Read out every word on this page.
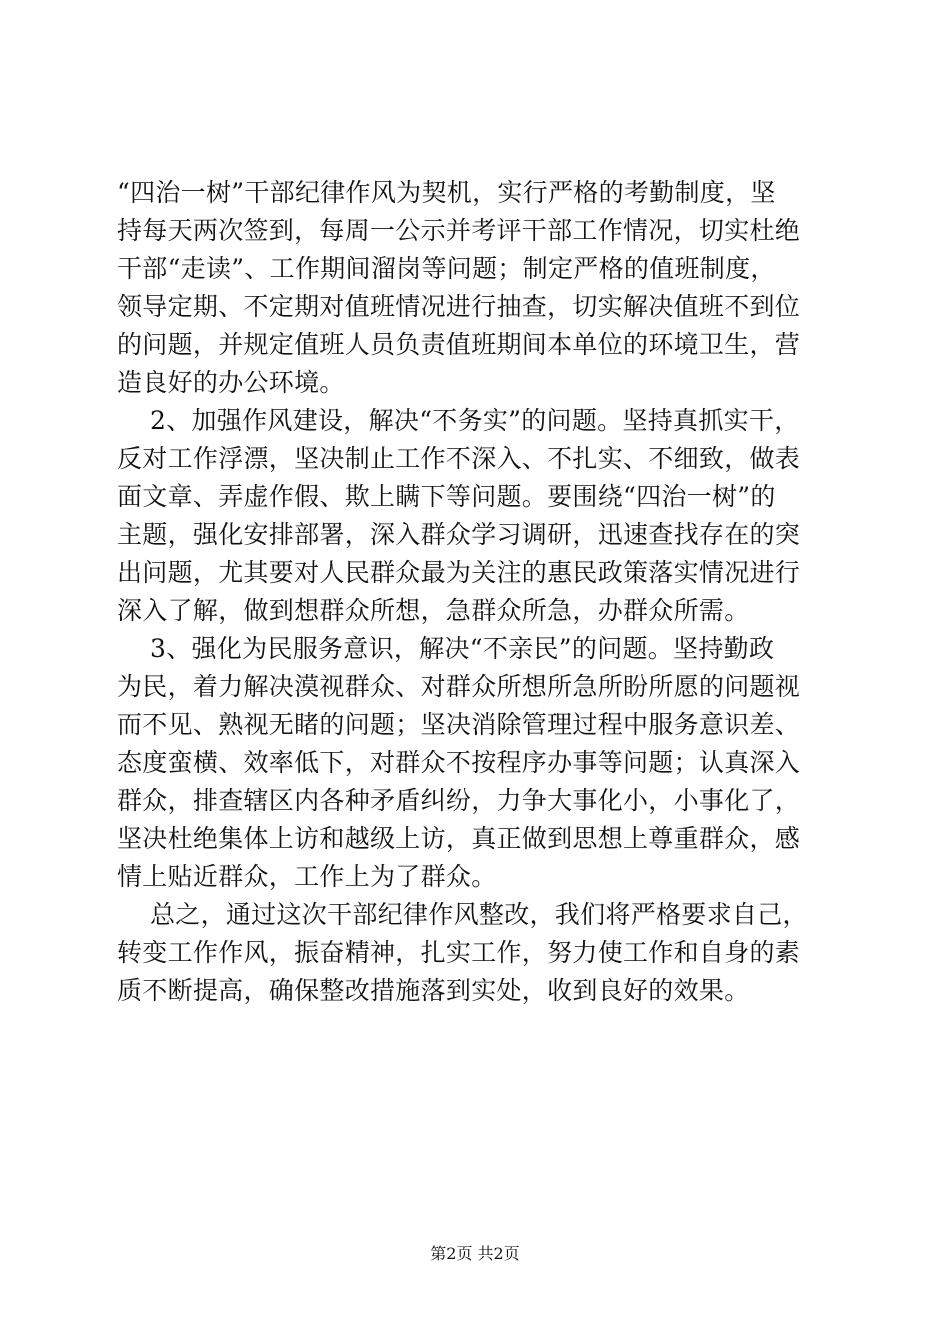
“四治一树”干部纪律作风为契机，实行严格的考勤制度，坚
持每天两次签到，每周一公示并考评干部工作情况，切实杜绝
干部“走读”、工作期间溜岗等问题；制定严格的值班制度，
领导定期、不定期对值班情况进行抽查，切实解决值班不到位
的问题，并规定值班人员负责值班期间本单位的环境卫生，营
造良好的办公环境。
2、加强作风建设，解决“不务实”的问题。坚持真抓实干，
反对工作浮漂，坚决制止工作不深入、不扎实、不细致，做表
面文章、弄虚作假、欺上瞒下等问题。要围绕“四治一树”的
主题，强化安排部署，深入群众学习调研，迅速查找存在的突
出问题，尤其要对人民群众最为关注的惠民政策落实情况进行
深入了解，做到想群众所想，急群众所急，办群众所需。
3、强化为民服务意识，解决“不亲民”的问题。坚持勤政
为民，着力解决漠视群众、对群众所想所急所盼所愿的问题视
而不见、熟视无睹的问题；坚决消除管理过程中服务意识差、
态度蛮横、效率低下，对群众不按程序办事等问题；认真深入
群众，排查辖区内各种矛盾纠纷，力争大事化小，小事化了，
坚决杜绝集体上访和越级上访，真正做到思想上尊重群众，感
情上贴近群众，工作上为了群众。
总之，通过这次干部纪律作风整改，我们将严格要求自己，
转变工作作风，振奋精神，扎实工作，努力使工作和自身的素
质不断提高，确保整改措施落到实处，收到良好的效果。
第2页 共2页
